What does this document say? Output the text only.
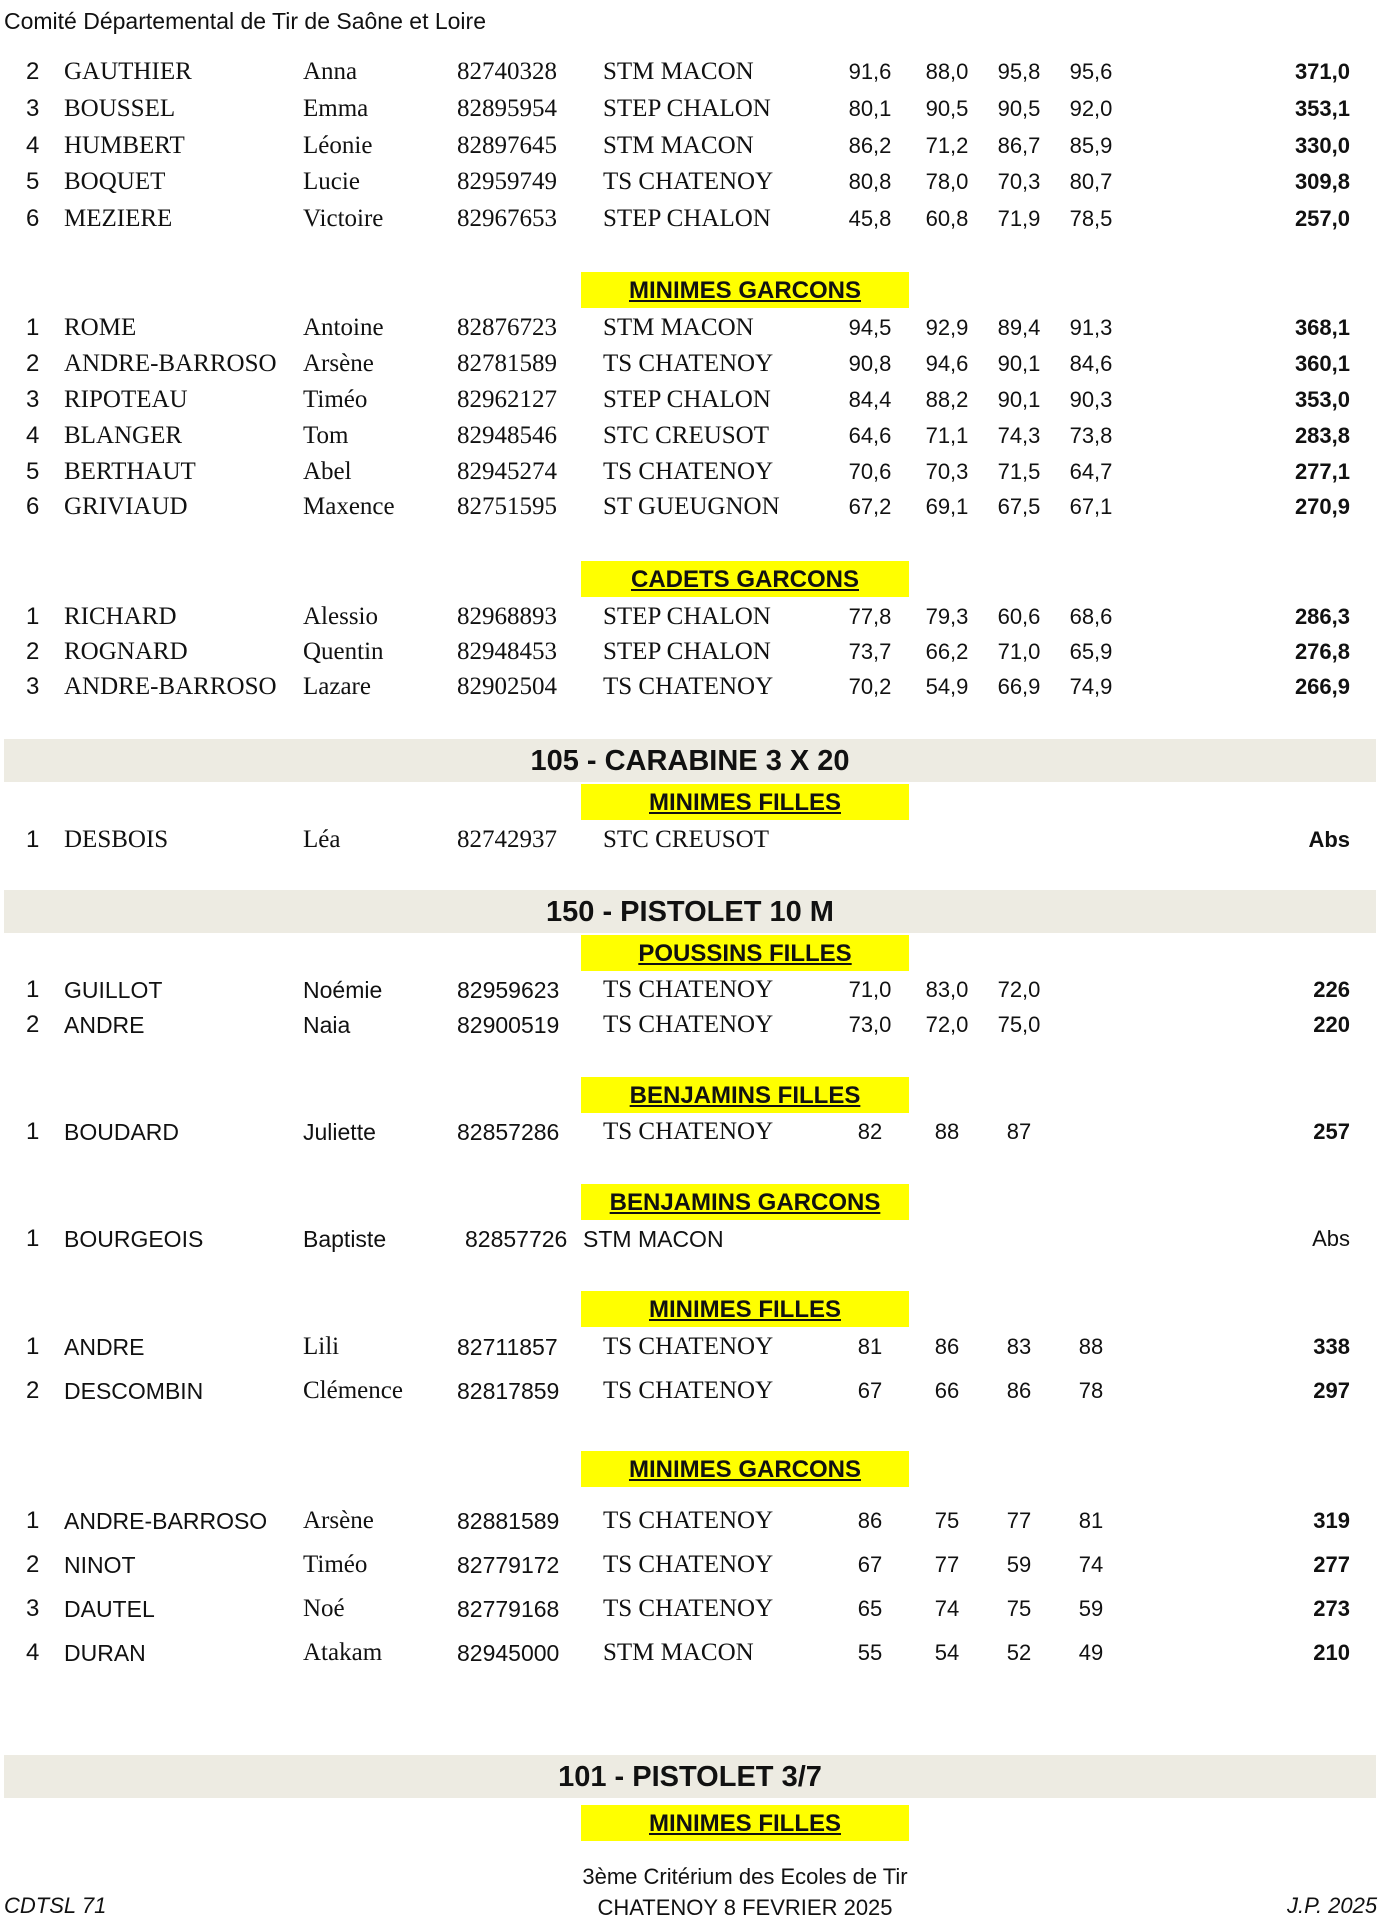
Comité Départemental de Tir de Saône et Loire
2 GAUTHIER	Anna	82740328 STM MACON	91,6 88,0 95,8 95,6	371,0
3 BOUSSEL	Emma	82895954 STEP CHALON	80,1 90,5 90,5 92,0	353,1
4 HUMBERT	Léonie	82897645 STM MACON	86,2 71,2 86,7 85,9	330,0
5 BOQUET	Lucie	82959749 TS CHATENOY	80,8 78,0 70,3 80,7	309,8
6 MEZIERE	Victoire	82967653 STEP CHALON	45,8 60,8 71,9 78,5	257,0
MINIMES GARCONS
1 ROME	Antoine	82876723 STM MACON	94,5 92,9 89,4 91,3	368,1
2 ANDRE-BARROSO Arsène	82781589 TS CHATENOY	90,8 94,6 90,1 84,6	360,1
3 RIPOTEAU	Timéo	82962127 STEP CHALON	84,4 88,2 90,1 90,3	353,0
4 BLANGER	Tom	82948546 STC CREUSOT	64,6 71,1 74,3 73,8	283,8
5 BERTHAUT	Abel	82945274 TS CHATENOY	70,6 70,3 71,5 64,7	277,1
6 GRIVIAUD	Maxence 82751595 ST GUEUGNON	67,2 69,1 67,5 67,1	270,9
CADETS GARCONS
1 RICHARD	Alessio	82968893 STEP CHALON	77,8 79,3 60,6 68,6	286,3
2 ROGNARD	Quentin	82948453 STEP CHALON	73,7 66,2 71,0 65,9	276,8
3 ANDRE-BARROSO Lazare	82902504 TS CHATENOY	70,2 54,9 66,9 74,9	266,9
105 - CARABINE 3 X 20
MINIMES FILLES
1 DESBOIS	Léa	82742937 STC CREUSOT	Abs
150 - PISTOLET 10 M
POUSSINS FILLES
1 GUILLOT	Noémie	82959623 TS CHATENOY	71,0 83,0 72,0	226
2 ANDRE	Naia	82900519 TS CHATENOY	73,0 72,0 75,0	220
BENJAMINS FILLES
1 BOUDARD	Juliette	82857286 TS CHATENOY	82	88	87	257
BENJAMINS GARCONS
1 BOURGEOIS	Baptiste	82857726 STM MACON	Abs
MINIMES FILLES
1 ANDRE	Lili	82711857 TS CHATENOY	81	86	83	88	338
2 DESCOMBIN	Clémence 82817859 TS CHATENOY	67	66	86	78	297
MINIMES GARCONS
1 ANDRE-BARROSO Arsène	82881589 TS CHATENOY	86	75	77	81	319
2 NINOT	Timéo	82779172 TS CHATENOY	67	77	59	74	277
3 DAUTEL	Noé	82779168 TS CHATENOY	65	74	75	59	273
4 DURAN	Atakam	82945000 STM MACON	55	54	52	49	210
101 - PISTOLET 3/7
MINIMES FILLES
CDTSL 71
3ème Critérium des Ecoles de Tir
CHATENOY 8 FEVRIER 2025	J.P. 2025
